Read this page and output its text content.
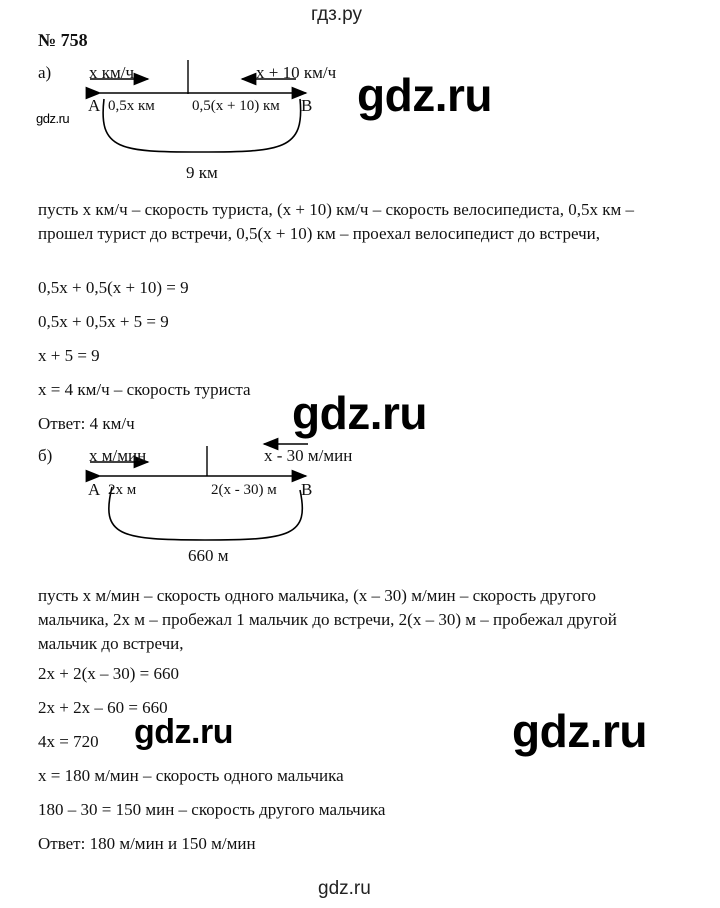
гдз.ру
№ 758
а) x км/ч	x + 10 км/ч
A 0,5x км 0,5(x + 10) км B
9 км
gdz.ru	gdz.ru
пусть x км/ч – скорость туриста, (x + 10) км/ч – скорость велосипедиста, 0,5x км – прошел турист до встречи, 0,5(x + 10) км – проехал велосипедист до встречи,
0,5x + 0,5(x + 10) = 9
0,5x + 0,5x + 5 = 9
x + 5 = 9
x = 4 км/ч – скорость туриста
Ответ: 4 км/ч	gdz.ru
б) x м/мин	x - 30 м/мин
A 2x м	2(x - 30) м B
660 м
пусть x м/мин – скорость одного мальчика, (x – 30) м/мин – скорость другого мальчика, 2x м – пробежал 1 мальчик до встречи, 2(x – 30) м – пробежал другой мальчик до встречи,
2x + 2(x – 30) = 660
2x + 2x – 60 = 660
4x = 720
x = 180 м/мин – скорость одного мальчика
180 – 30 = 150 мин – скорость другого мальчика
Ответ: 180 м/мин и 150 м/мин
gdz.ru	gdz.ru
gdz.ru
